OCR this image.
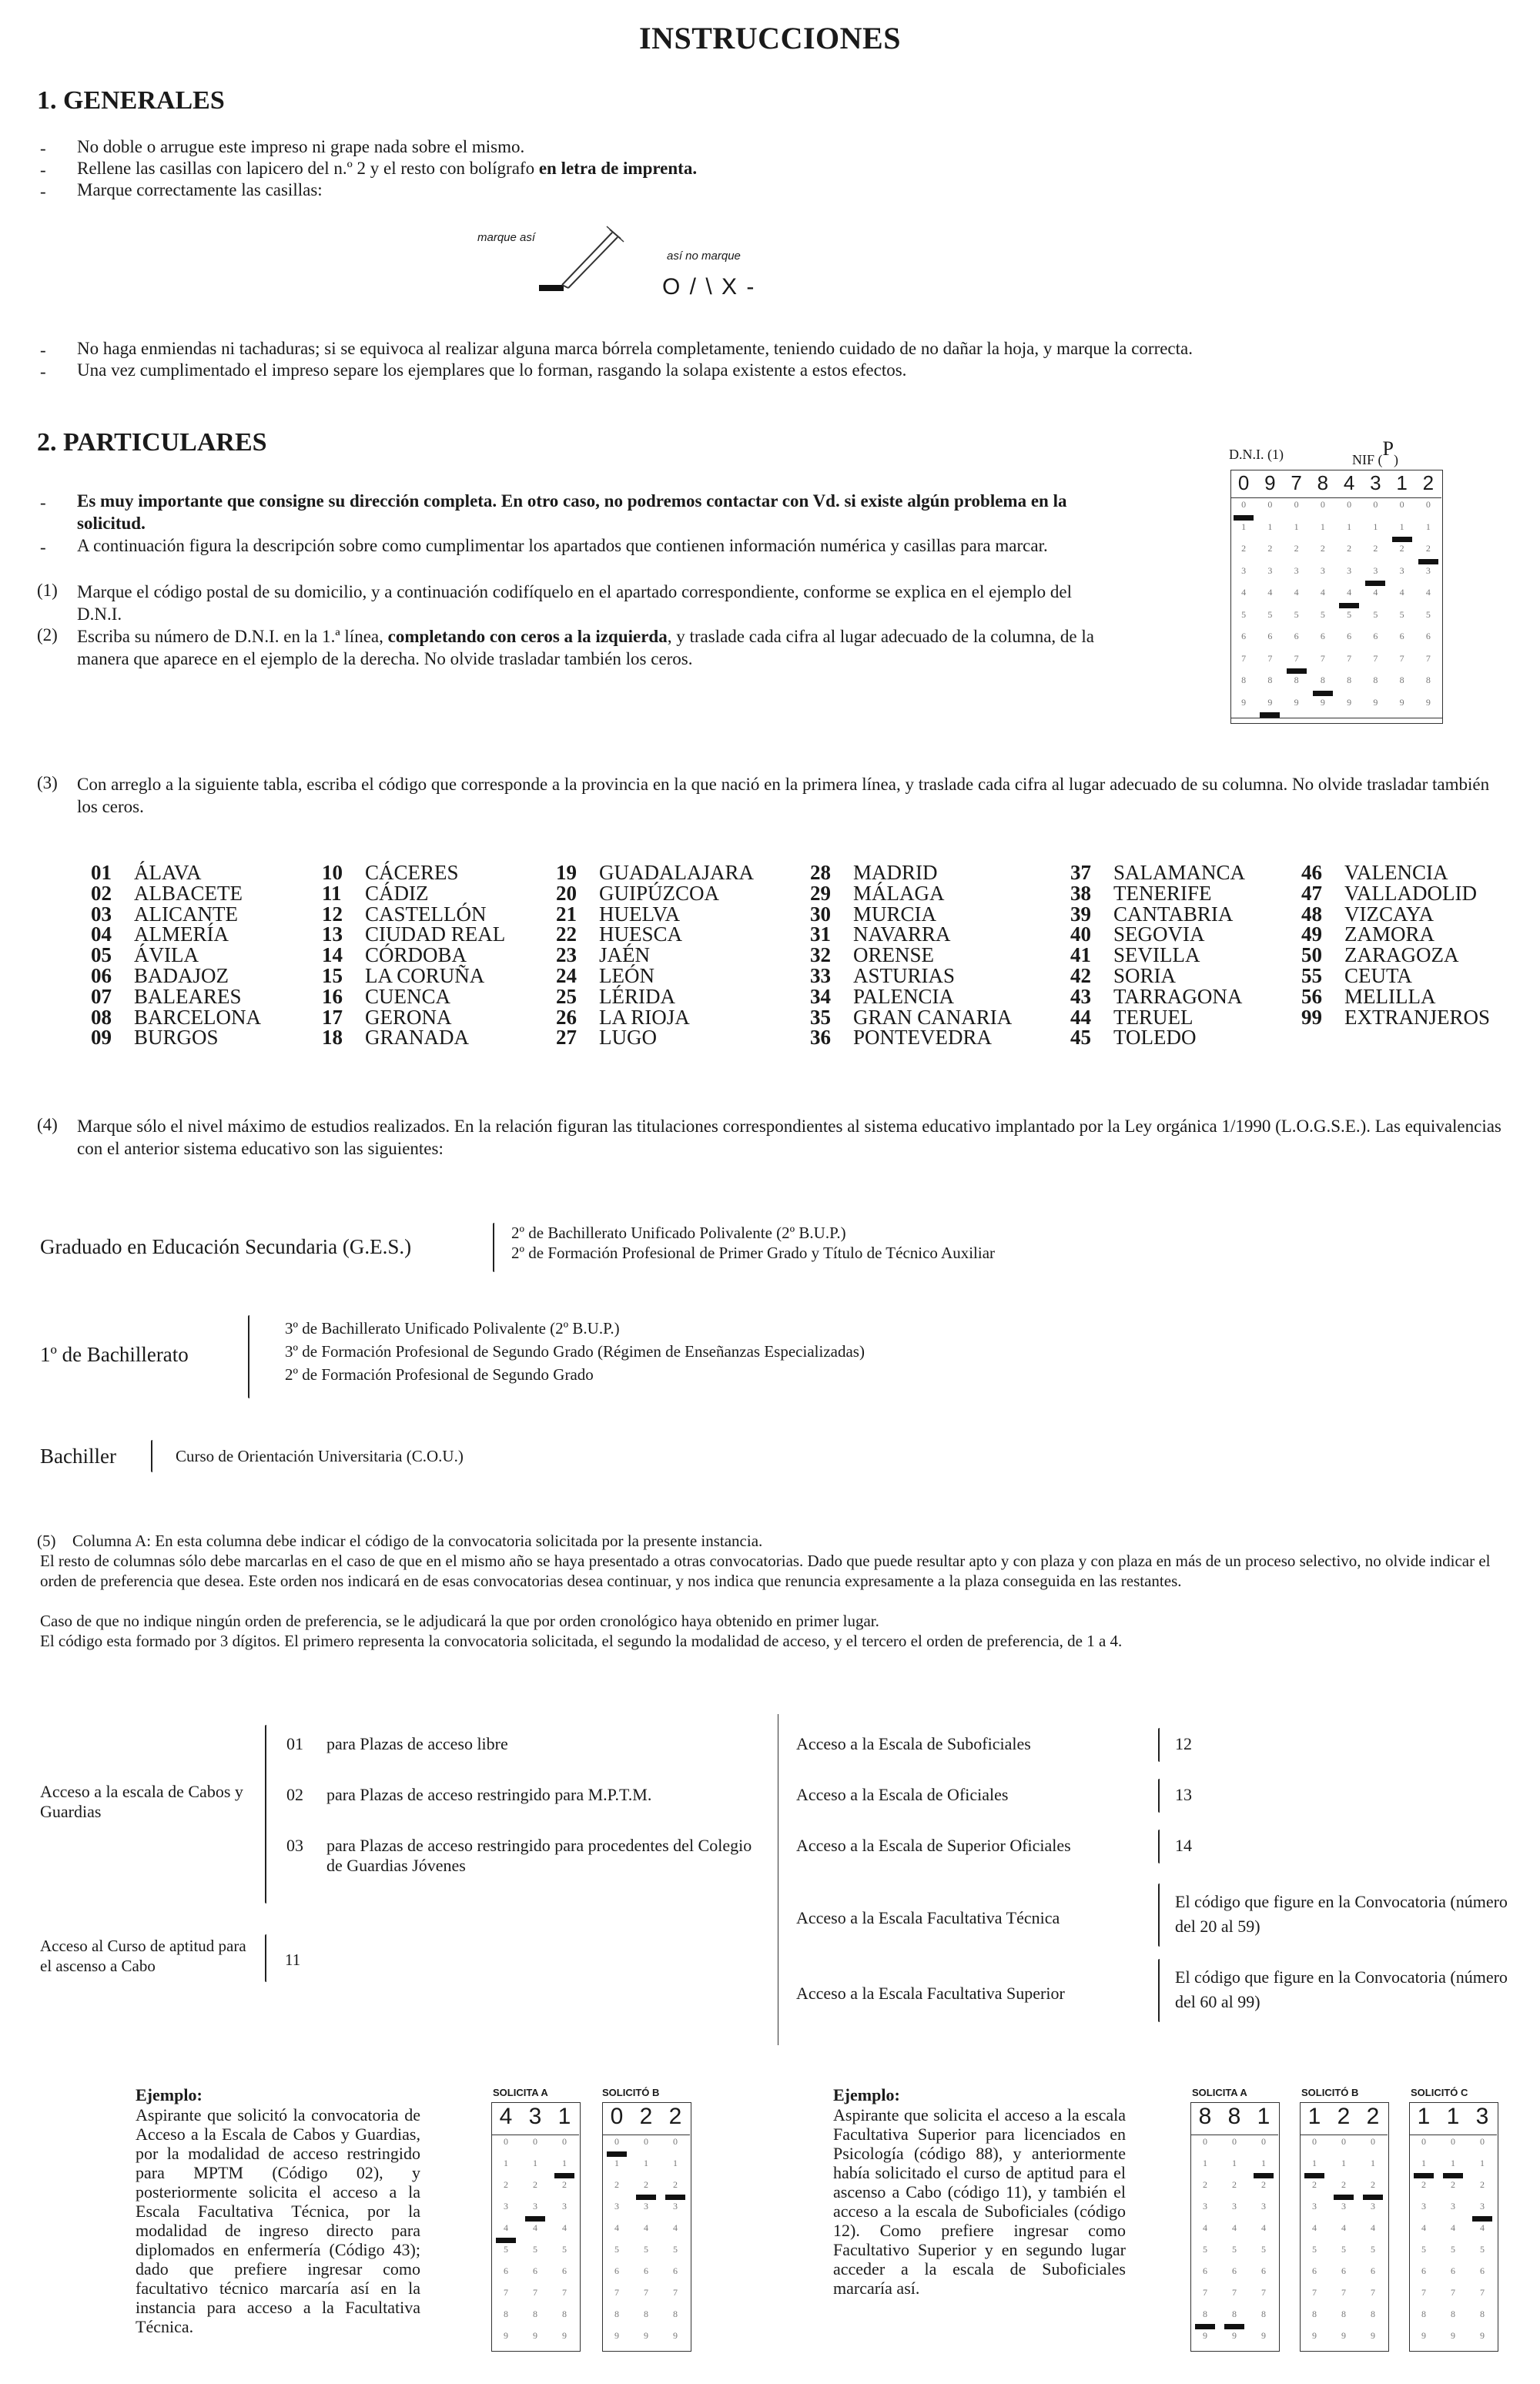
INSTRUCCIONES
1. GENERALES
- No doble o arrugue este impreso ni grape nada sobre el mismo.
- Rellene las casillas con lapicero del n.º 2 y el resto con bolígrafo en letra de imprenta.
- Marque correctamente las casillas:
marque así
así no marque
O / \ X -
- No haga enmiendas ni tachaduras; si se equivoca al realizar alguna marca bórrela completamente, teniendo cuidado de no dañar la hoja, y marque la correcta.
- Una vez cumplimentado el impreso separe los ejemplares que lo forman, rasgando la solapa existente a estos efectos.
2. PARTICULARES
- Es muy importante que consigne su dirección completa. En otro caso, no podremos contactar con Vd. si existe algún problema en la solicitud.
- A continuación figura la descripción sobre como cumplimentar los apartados que contienen información numérica y casillas para marcar.
(1) Marque el código postal de su domicilio, y a continuación codifíquelo en el apartado correspondiente, conforme se explica en el ejemplo del D.N.I.
(2) Escriba su número de D.N.I. en la 1.ª línea, completando con ceros a la izquierda, y traslade cada cifra al lugar adecuado de la columna, de la manera que aparece en el ejemplo de la derecha. No olvide trasladar también los ceros.
D.N.I. (1)	NIF (P)
0
0
1
2
3
4
5
6
7
8
9
9
0
1
2
3
4
5
6
7
8
9
7
0
1
2
3
4
5
6
7
8
9
8
0
1
2
3
4
5
6
7
8
9
4
0
1
2
3
4
5
6
7
8
9
3
0
1
2
3
4
5
6
7
8
9
1
0
1
2
3
4
5
6
7
8
9
2
0
1
2
3
4
5
6
7
8
9
(3) Con arreglo a la siguiente tabla, escriba el código que corresponde a la provincia en la que nació en la primera línea, y traslade cada cifra al lugar adecuado de su columna. No olvide trasladar también los ceros.
01 ÁLAVA
02 ALBACETE
03 ALICANTE
04 ALMERÍA
05 ÁVILA
06 BADAJOZ
07 BALEARES
08 BARCELONA
09 BURGOS
10 CÁCERES
11 CÁDIZ
12 CASTELLÓN
13 CIUDAD REAL
14 CÓRDOBA
15 LA CORUÑA
16 CUENCA
17 GERONA
18 GRANADA
19 GUADALAJARA
20 GUIPÚZCOA
21 HUELVA
22 HUESCA
23 JAÉN
24 LEÓN
25 LÉRIDA
26 LA RIOJA
27 LUGO
28 MADRID
29 MÁLAGA
30 MURCIA
31 NAVARRA
32 ORENSE
33 ASTURIAS
34 PALENCIA
35 GRAN CANARIA
36 PONTEVEDRA
37 SALAMANCA
38 TENERIFE
39 CANTABRIA
40 SEGOVIA
41 SEVILLA
42 SORIA
43 TARRAGONA
44 TERUEL
45 TOLEDO
46 VALENCIA
47 VALLADOLID
48 VIZCAYA
49 ZAMORA
50 ZARAGOZA
55 CEUTA
56 MELILLA
99 EXTRANJEROS
(4) Marque sólo el nivel máximo de estudios realizados. En la relación figuran las titulaciones correspondientes al sistema educativo implantado por la Ley orgánica 1/1990 (L.O.G.S.E.). Las equivalencias con el anterior sistema educativo son las siguientes:
Graduado en Educación Secundaria (G.E.S.)
2º de Bachillerato Unificado Polivalente (2º B.U.P.)
2º de Formación Profesional de Primer Grado y Título de Técnico Auxiliar
1º de Bachillerato
3º de Bachillerato Unificado Polivalente (2º B.U.P.)
3º de Formación Profesional de Segundo Grado (Régimen de Enseñanzas Especializadas)
2º de Formación Profesional de Segundo Grado
Bachiller	Curso de Orientación Universitaria (C.O.U.)
(5) Columna A: En esta columna debe indicar el código de la convocatoria solicitada por la presente instancia.
El resto de columnas sólo debe marcarlas en el caso de que en el mismo año se haya presentado a otras convocatorias. Dado que puede resultar apto y con plaza y con plaza en más de un proceso selectivo, no olvide indicar el orden de preferencia que desea. Este orden nos indicará en de esas convocatorias desea continuar, y nos indica que renuncia expresamente a la plaza conseguida en las restantes.
Caso de que no indique ningún orden de preferencia, se le adjudicará la que por orden cronológico haya obtenido en primer lugar.
El código esta formado por 3 dígitos. El primero representa la convocatoria solicitada, el segundo la modalidad de acceso, y el tercero el orden de preferencia, de 1 a 4.
Acceso a la escala de Cabos y Guardias
01 para Plazas de acceso libre
02 para Plazas de acceso restringido para M.P.T.M.
03 para Plazas de acceso restringido para procedentes del Colegio de Guardias Jóvenes
Acceso al Curso de aptitud para el ascenso a Cabo	11
Acceso a la Escala de Suboficiales	12
Acceso a la Escala de Oficiales	13
Acceso a la Escala de Superior Oficiales	14
Acceso a la Escala Facultativa Técnica
El código que figure en la Convocatoria (número del 20 al 59)
Acceso a la Escala Facultativa Superior
El código que figure en la Convocatoria (número del 60 al 99)
Ejemplo:
Aspirante que solicitó la convocatoria de Acceso a la Escala de Cabos y Guardias, por la modalidad de acceso restringido para MPTM (Código 02), y posteriormente solicita el acceso a la Escala Facultativa Técnica, por la modalidad de ingreso directo para diplomados en enfermería (Código 43); dado que prefiere ingresar como facultativo técnico marcaría así en la instancia para acceso a la Facultativa Técnica.
SOLICITA A	SOLICITÓ B
4
0
1
2
3
4
5
6
7
8
9
3
0
1
2
3
4
5
6
7
8
9
1
0
1
2
3
4
5
6
7
8
9
0
0
1
2
3
4
5
6
7
8
9
2
0
1
2
3
4
5
6
7
8
9
2
0
1
2
3
4
5
6
7
8
9
Ejemplo:
Aspirante que solicita el acceso a la escala Facultativa Superior para licenciados en Psicología (código 88), y anteriormente había solicitado el curso de aptitud para el ascenso a Cabo (código 11), y también el acceso a la escala de Suboficiales (código 12). Como prefiere ingresar como Facultativo Superior y en segundo lugar acceder a la escala de Suboficiales marcaría así.
SOLICITA A	SOLICITÓ B	SOLICITÓ C
8
0
1
2
3
4
5
6
7
8
9
8
0
1
2
3
4
5
6
7
8
9
1
0
1
2
3
4
5
6
7
8
9
1
0
1
2
3
4
5
6
7
8
9
2
0
1
2
3
4
5
6
7
8
9
2
0
1
2
3
4
5
6
7
8
9
1
0
1
2
3
4
5
6
7
8
9
1
0
1
2
3
4
5
6
7
8
9
3
0
1
2
3
4
5
6
7
8
9
